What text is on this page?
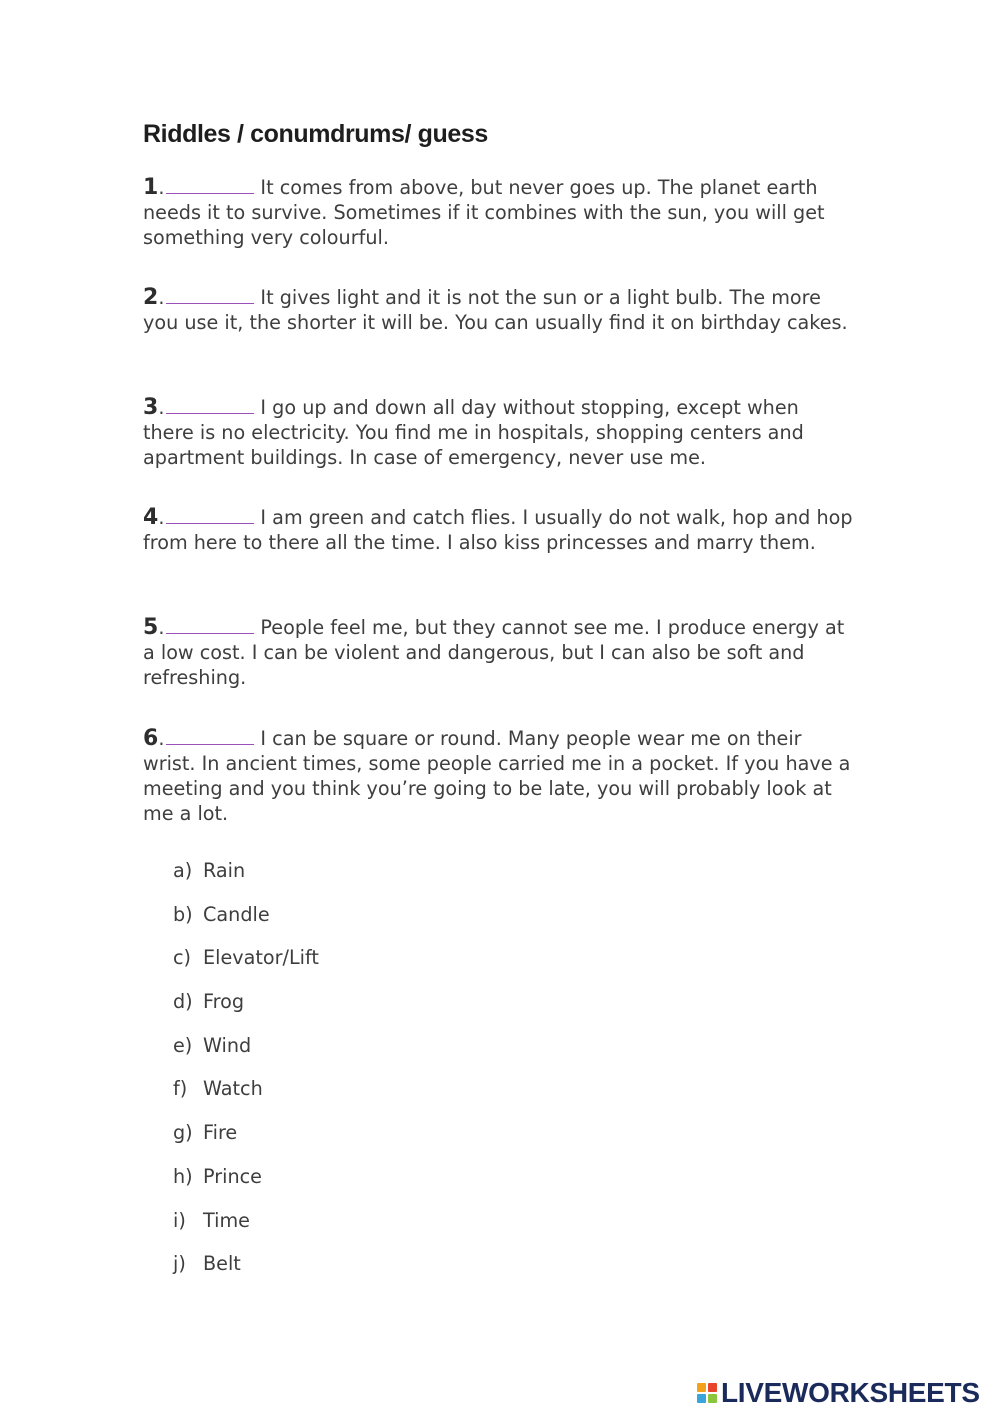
Riddles / conumdrums/ guess

1.	It comes from above, but never goes up. The planet earth needs it to survive. Sometimes if it combines with the sun, you will get something very colourful.

2.	It gives light and it is not the sun or a light bulb. The more you use it, the shorter it will be. You can usually find it on birthday cakes.

3.	I go up and down all day without stopping, except when there is no electricity. You find me in hospitals, shopping centers and apartment buildings. In case of emergency, never use me.

4.	I am green and catch flies. I usually do not walk, hop and hop from here to there all the time. I also kiss princesses and marry them.

5.	People feel me, but they cannot see me. I produce energy at a low cost. I can be violent and dangerous, but I can also be soft and refreshing.

6.	I can be square or round. Many people wear me on their wrist. In ancient times, some people carried me in a pocket. If you have a meeting and you think you’re going to be late, you will probably look at me a lot.

a) Rain
b) Candle
c) Elevator/Lift
d) Frog
e) Wind
f) Watch
g) Fire
h) Prince
i) Time
j) Belt
LIVEWORKSHEETS
